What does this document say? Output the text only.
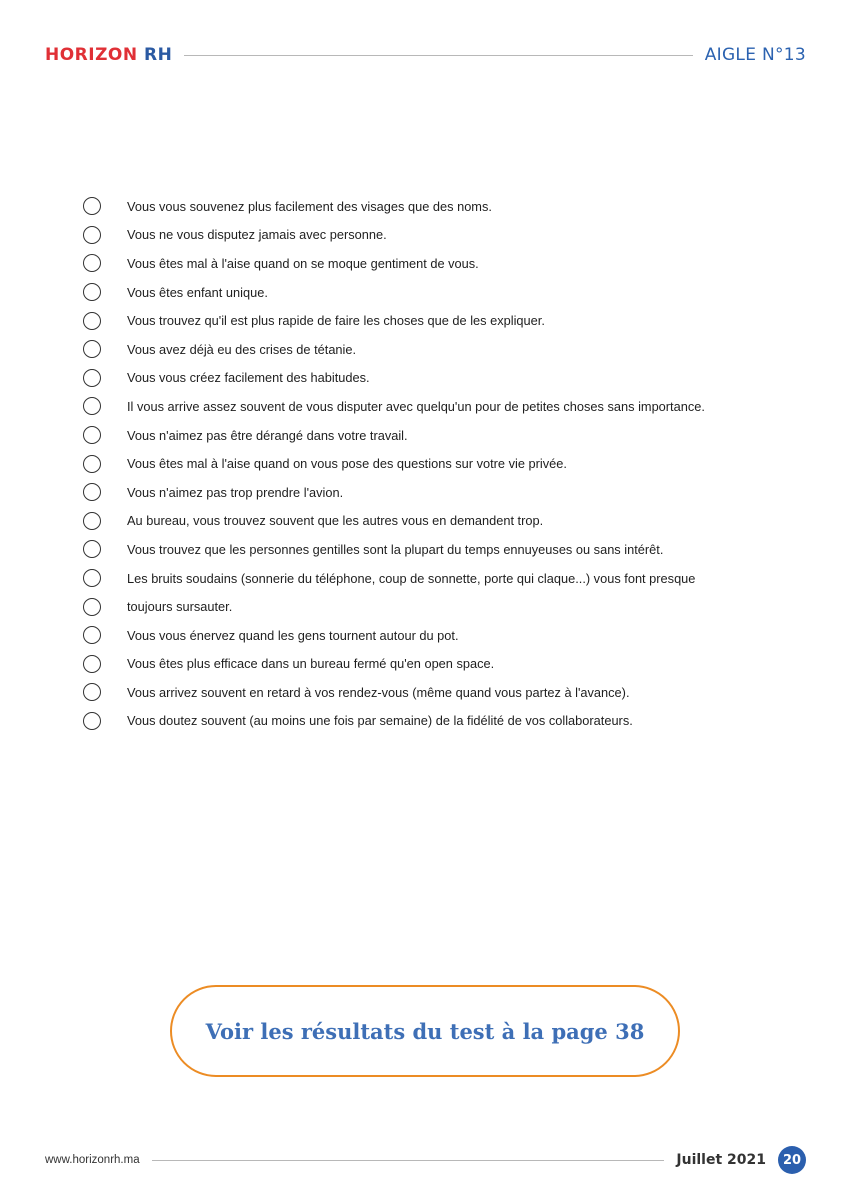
HORIZON RH	AIGLE N°13
Vous vous souvenez plus facilement des visages que des noms.
Vous ne vous disputez jamais avec personne.
Vous êtes mal à l'aise quand on se moque gentiment de vous.
Vous êtes enfant unique.
Vous trouvez qu'il est plus rapide de faire les choses que de les expliquer.
Vous avez déjà eu des crises de tétanie.
Vous vous créez facilement des habitudes.
Il vous arrive assez souvent de vous disputer avec quelqu'un pour de petites choses sans importance.
Vous n'aimez pas être dérangé dans votre travail.
Vous êtes mal à l'aise quand on vous pose des questions sur votre vie privée.
Vous n'aimez pas trop prendre l'avion.
Au bureau, vous trouvez souvent que les autres vous en demandent trop.
Vous trouvez que les personnes gentilles sont la plupart du temps ennuyeuses ou sans intérêt.
Les bruits soudains (sonnerie du téléphone, coup de sonnette, porte qui claque...) vous font presque
toujours sursauter.
Vous vous énervez quand les gens tournent autour du pot.
Vous êtes plus efficace dans un bureau fermé qu'en open space.
Vous arrivez souvent en retard à vos rendez-vous (même quand vous partez à l'avance).
Vous doutez souvent (au moins une fois par semaine) de la fidélité de vos collaborateurs.
Voir les résultats du test à la page 38
www.horizonrh.ma	Juillet 2021	20
